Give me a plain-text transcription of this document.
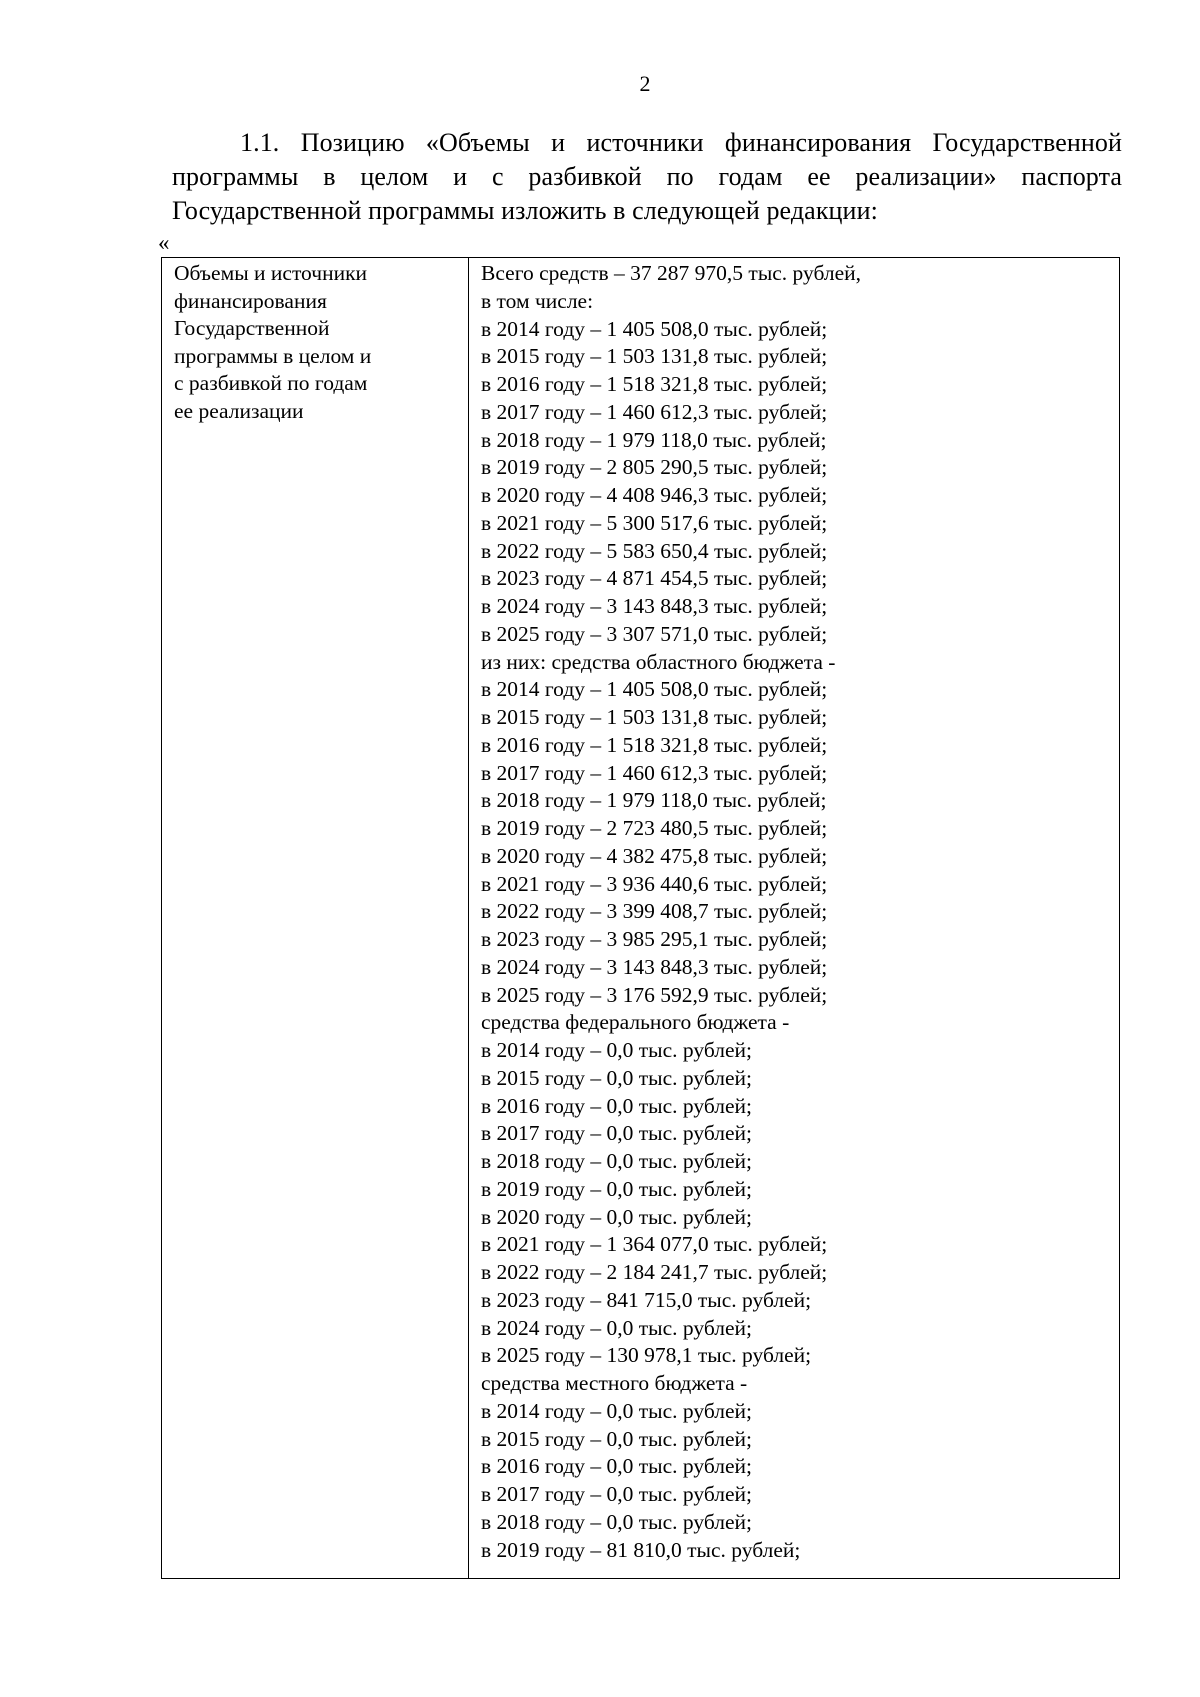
2

1.1. Позицию «Объемы и источники финансирования Государственной программы в целом и с разбивкой по годам ее реализации» паспорта Государственной программы изложить в следующей редакции:

«
Объемы и источники
финансирования
Государственной
программы в целом и
с разбивкой по годам
ее реализации
Всего средств – 37 287 970,5 тыс. рублей,
в том числе:
в 2014 году – 1 405 508,0 тыс. рублей;
в 2015 году – 1 503 131,8 тыс. рублей;
в 2016 году – 1 518 321,8 тыс. рублей;
в 2017 году – 1 460 612,3 тыс. рублей;
в 2018 году – 1 979 118,0 тыс. рублей;
в 2019 году – 2 805 290,5 тыс. рублей;
в 2020 году – 4 408 946,3 тыс. рублей;
в 2021 году – 5 300 517,6 тыс. рублей;
в 2022 году – 5 583 650,4 тыс. рублей;
в 2023 году – 4 871 454,5 тыс. рублей;
в 2024 году – 3 143 848,3 тыс. рублей;
в 2025 году – 3 307 571,0 тыс. рублей;
из них: средства областного бюджета -
в 2014 году – 1 405 508,0 тыс. рублей;
в 2015 году – 1 503 131,8 тыс. рублей;
в 2016 году – 1 518 321,8 тыс. рублей;
в 2017 году – 1 460 612,3 тыс. рублей;
в 2018 году – 1 979 118,0 тыс. рублей;
в 2019 году – 2 723 480,5 тыс. рублей;
в 2020 году – 4 382 475,8 тыс. рублей;
в 2021 году – 3 936 440,6 тыс. рублей;
в 2022 году – 3 399 408,7 тыс. рублей;
в 2023 году – 3 985 295,1 тыс. рублей;
в 2024 году – 3 143 848,3 тыс. рублей;
в 2025 году – 3 176 592,9 тыс. рублей;
средства федерального бюджета -
в 2014 году – 0,0 тыс. рублей;
в 2015 году – 0,0 тыс. рублей;
в 2016 году – 0,0 тыс. рублей;
в 2017 году – 0,0 тыс. рублей;
в 2018 году – 0,0 тыс. рублей;
в 2019 году – 0,0 тыс. рублей;
в 2020 году – 0,0 тыс. рублей;
в 2021 году – 1 364 077,0 тыс. рублей;
в 2022 году – 2 184 241,7 тыс. рублей;
в 2023 году – 841 715,0 тыс. рублей;
в 2024 году – 0,0 тыс. рублей;
в 2025 году – 130 978,1 тыс. рублей;
средства местного бюджета -
в 2014 году – 0,0 тыс. рублей;
в 2015 году – 0,0 тыс. рублей;
в 2016 году – 0,0 тыс. рублей;
в 2017 году – 0,0 тыс. рублей;
в 2018 году – 0,0 тыс. рублей;
в 2019 году – 81 810,0 тыс. рублей;
